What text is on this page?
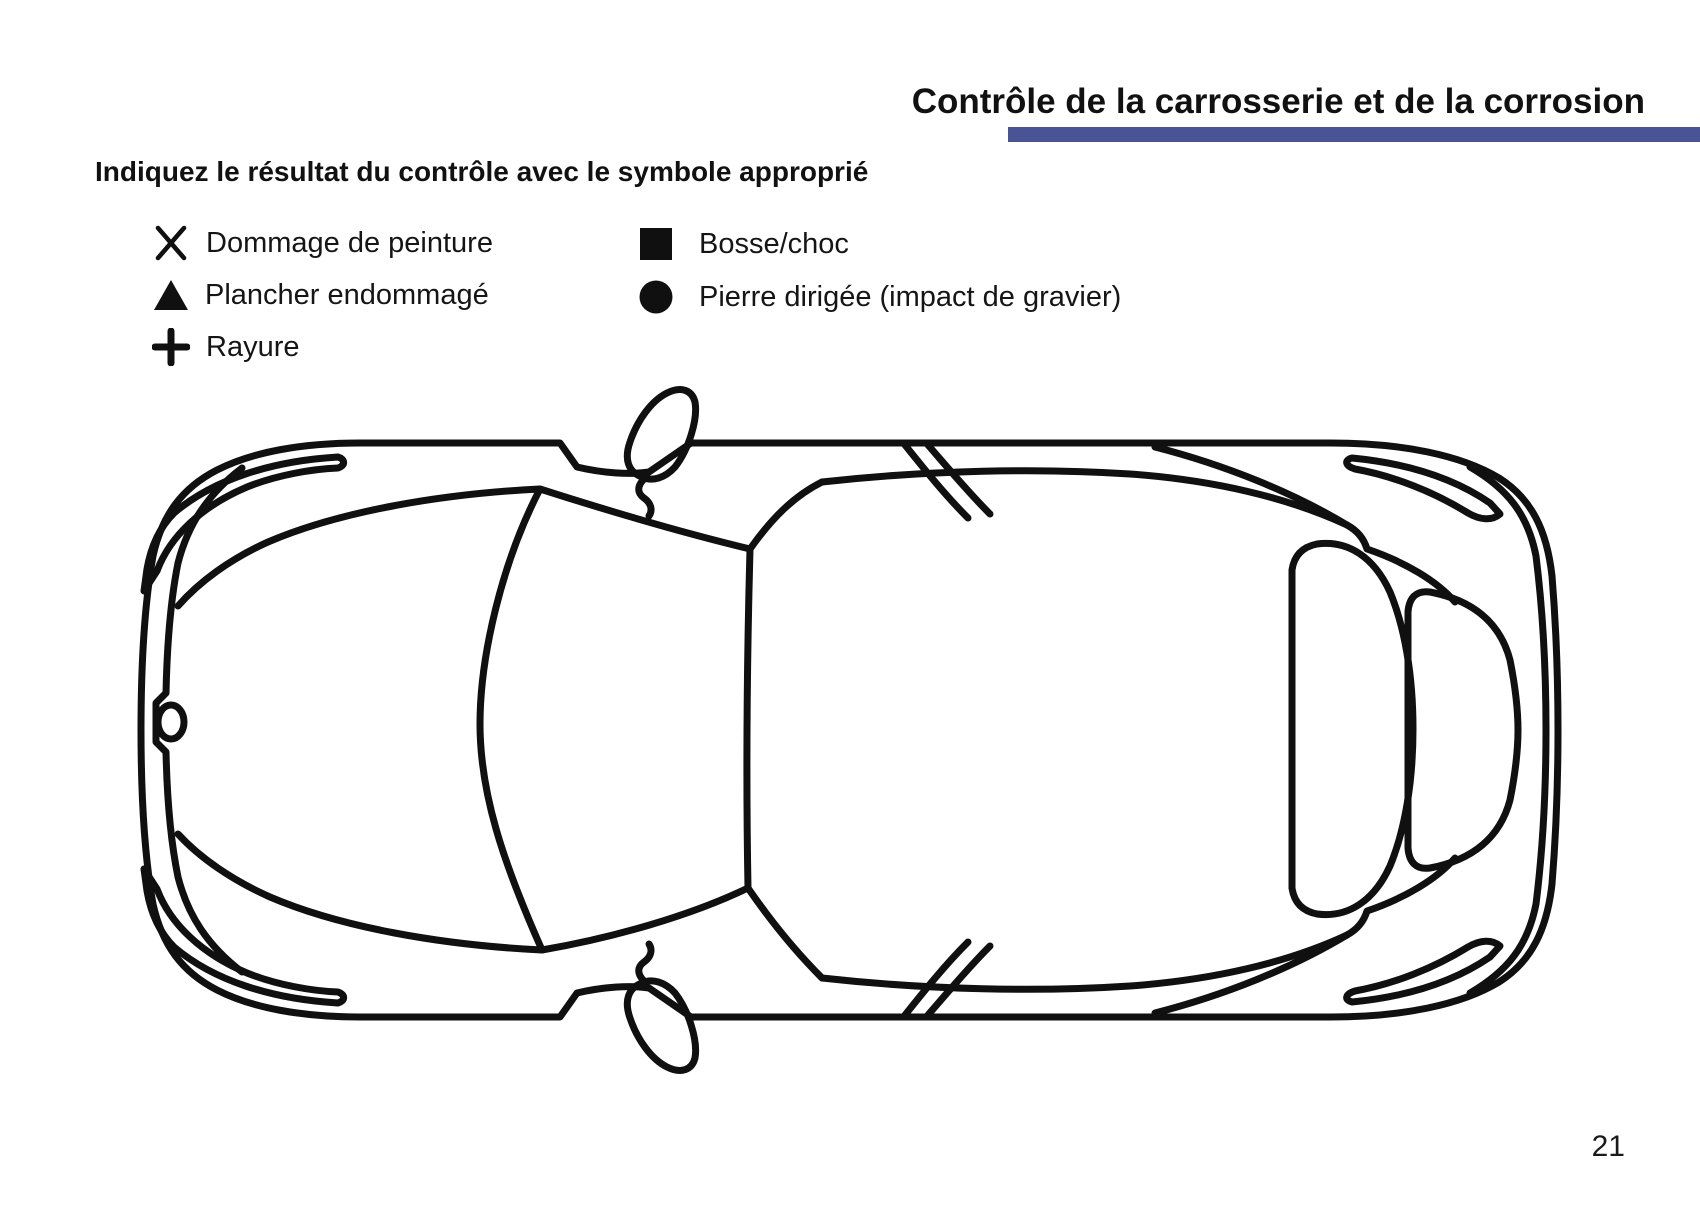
Contrôle de la carrosserie et de la corrosion
Indiquez le résultat du contrôle avec le symbole approprié
Dommage de peinture
Plancher endommagé
Rayure
Bosse/choc
Pierre dirigée (impact de gravier)
21
